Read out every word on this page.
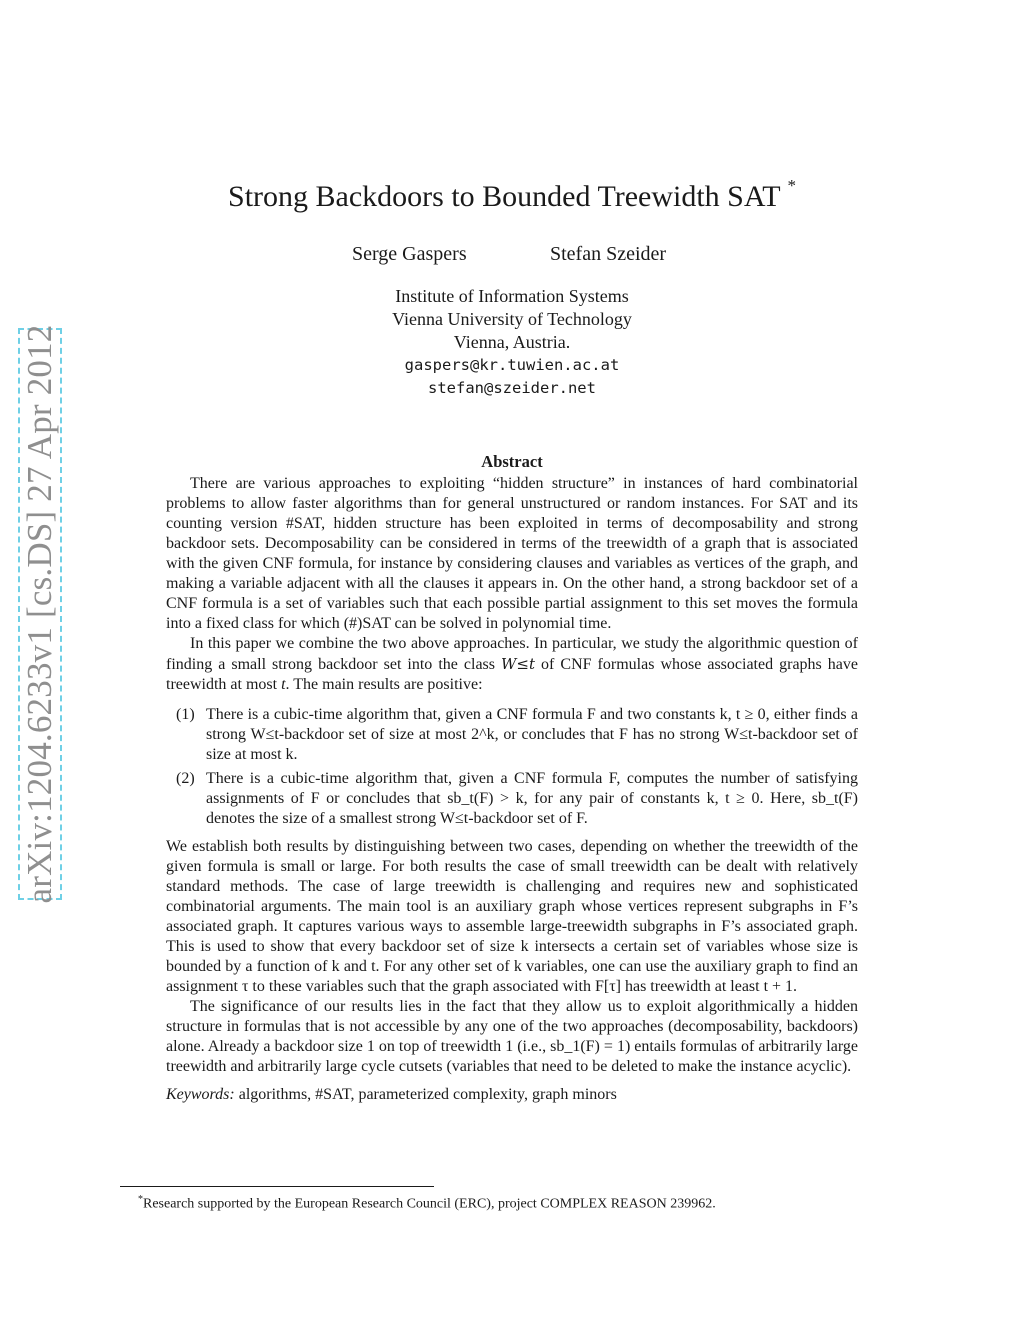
arXiv:1204.6233v1 [cs.DS] 27 Apr 2012
Strong Backdoors to Bounded Treewidth SAT *
Serge Gaspers	Stefan Szeider
Institute of Information Systems
Vienna University of Technology
Vienna, Austria.
gaspers@kr.tuwien.ac.at
stefan@szeider.net
Abstract

There are various approaches to exploiting “hidden structure” in instances of hard combinatorial problems to allow faster algorithms than for general unstructured or random instances. For SAT and its counting version #SAT, hidden structure has been exploited in terms of decomposability and strong backdoor sets. Decomposability can be considered in terms of the treewidth of a graph that is associated with the given CNF formula, for instance by considering clauses and variables as vertices of the graph, and making a variable adjacent with all the clauses it appears in. On the other hand, a strong backdoor set of a CNF formula is a set of variables such that each possible partial assignment to this set moves the formula into a fixed class for which (#)SAT can be solved in polynomial time.

In this paper we combine the two above approaches. In particular, we study the algorithmic question of finding a small strong backdoor set into the class W≤t of CNF formulas whose associated graphs have treewidth at most t. The main results are positive:

(1) There is a cubic-time algorithm that, given a CNF formula F and two constants k, t ≥ 0, either finds a strong W≤t-backdoor set of size at most 2^k, or concludes that F has no strong W≤t-backdoor set of size at most k.
(2) There is a cubic-time algorithm that, given a CNF formula F, computes the number of satisfying assignments of F or concludes that sb_t(F) > k, for any pair of constants k, t ≥ 0. Here, sb_t(F) denotes the size of a smallest strong W≤t-backdoor set of F.

We establish both results by distinguishing between two cases, depending on whether the treewidth of the given formula is small or large. For both results the case of small treewidth can be dealt with relatively standard methods. The case of large treewidth is challenging and requires new and sophisticated combinatorial arguments. The main tool is an auxiliary graph whose vertices represent subgraphs in F’s associated graph. It captures various ways to assemble large-treewidth subgraphs in F’s associated graph. This is used to show that every backdoor set of size k intersects a certain set of variables whose size is bounded by a function of k and t. For any other set of k variables, one can use the auxiliary graph to find an assignment τ to these variables such that the graph associated with F[τ] has treewidth at least t + 1.

The significance of our results lies in the fact that they allow us to exploit algorithmically a hidden structure in formulas that is not accessible by any one of the two approaches (decomposability, backdoors) alone. Already a backdoor size 1 on top of treewidth 1 (i.e., sb_1(F) = 1) entails formulas of arbitrarily large treewidth and arbitrarily large cycle cutsets (variables that need to be deleted to make the instance acyclic).

Keywords: algorithms, #SAT, parameterized complexity, graph minors

*Research supported by the European Research Council (ERC), project COMPLEX REASON 239962.
